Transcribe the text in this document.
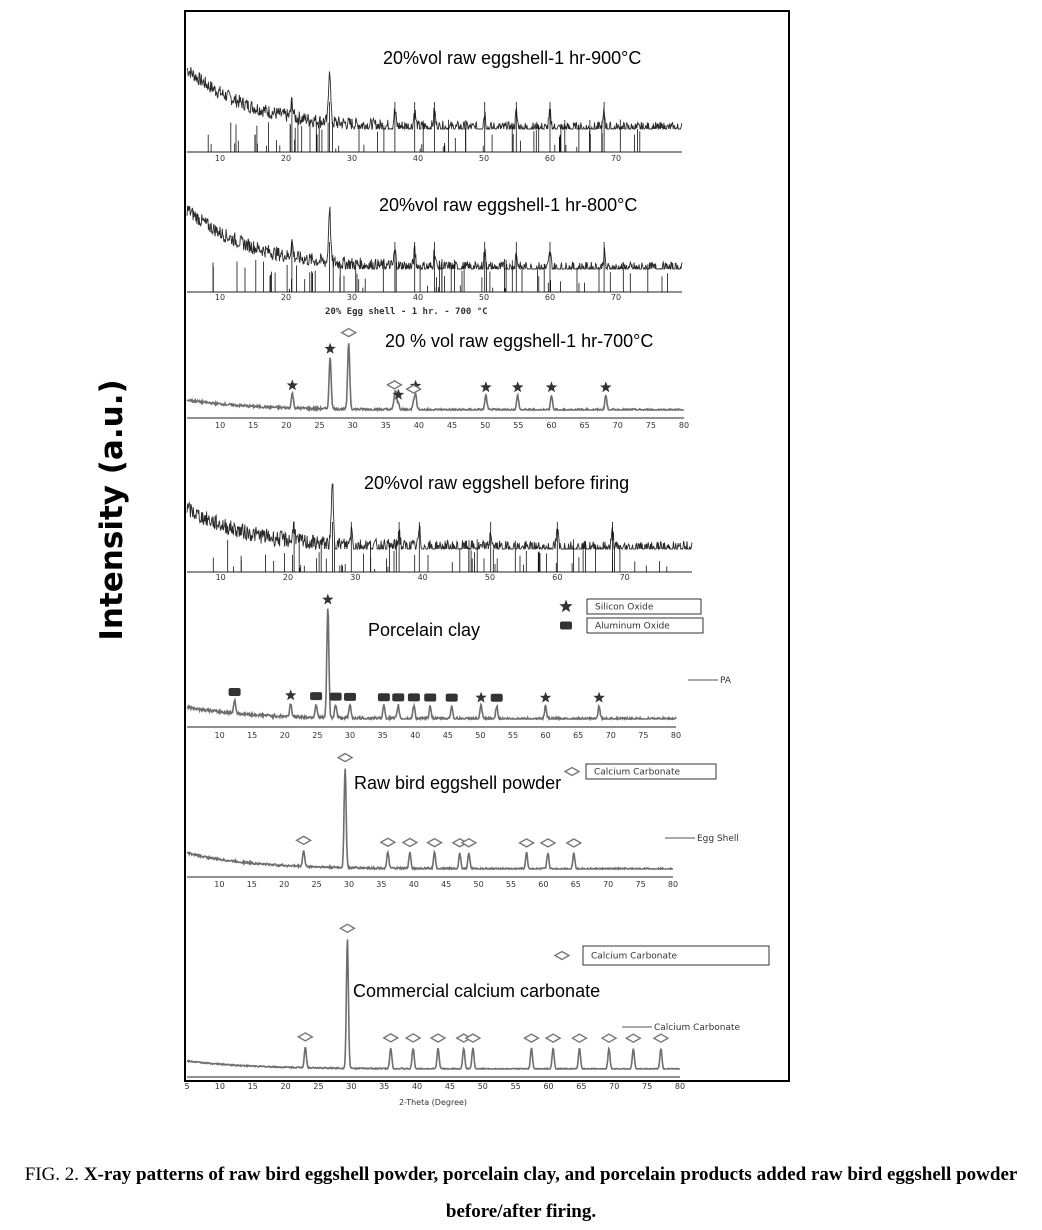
10	20	30	40	50	60	70
10	20	30	40	50	60	70
20% Egg shell - 1 hr. - 700 °C
10	15	20	25	30	35	40	45	50	55	60	65	70	75	80
10	20	30	40	50	60	70
10	15	20	25	30	35	40	45	50	55	60	65	70	75	80
PA
Silicon Oxide
Aluminum Oxide
10	15	20	25	30	35	40	45	50	55	60	65	70	75	80
Egg Shell
Calcium Carbonate
5	10	15	20	25	30	35	40	45	50	55	60	65	70	75	80
Calcium Carbonate
Calcium Carbonate
2-Theta (Degree)
20%vol raw eggshell-1 hr-900°C
20%vol raw eggshell-1 hr-800°C
20 % vol raw eggshell-1 hr-700°C
20%vol raw eggshell before firing
Porcelain clay
Raw bird eggshell powder
Commercial calcium carbonate
Intensity (a.u.)
FIG. 2. X-ray patterns of raw bird eggshell powder, porcelain clay, and porcelain products added raw bird eggshell powder before/after firing.
